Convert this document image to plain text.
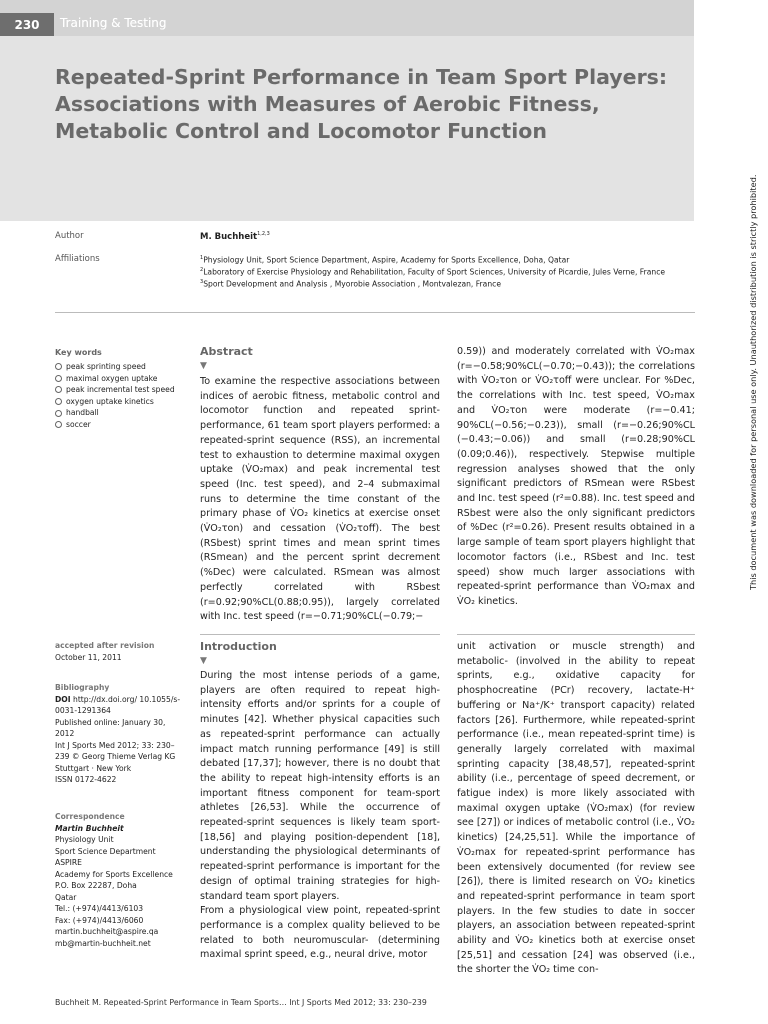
230	Training & Testing
Repeated-Sprint Performance in Team Sport Players: Associations with Measures of Aerobic Fitness, Metabolic Control and Locomotor Function
Author	M. Buchheit$^{1,2,3}$
Affiliations	$^1$Physiology Unit, Sport Science Department, Aspire, Academy for Sports Excellence, Doha, Qatar
$^2$Laboratory of Exercise Physiology and Rehabilitation, Faculty of Sport Sciences, University of Picardie, Jules Verne, France
$^3$Sport Development and Analysis , Myorobie Association , Montvalezan, France
Key words
peak sprinting speed
maximal oxygen uptake
peak incremental test speed
oxygen uptake kinetics
handball
soccer
Abstract
▼
To examine the respective associations between indices of aerobic fitness, metabolic control and locomotor function and repeated sprint-performance, 61 team sport players performed: a repeated-sprint sequence (RSS), an incremental test to exhaustion to determine maximal oxygen uptake (V̇O₂max) and peak incremental test speed (Inc. test speed), and 2–4 submaximal runs to determine the time constant of the primary phase of V̇O₂ kinetics at exercise onset (V̇O₂τon) and cessation (V̇O₂τoff). The best (RSbest) sprint times and mean sprint times (RSmean) and the percent sprint decrement (%Dec) were calculated. RSmean was almost perfectly correlated with RSbest (r=0.92;90%CL(0.88;0.95)), largely correlated with Inc. test speed (r=−0.71;90%CL(−0.79;−
0.59)) and moderately correlated with V̇O₂max (r=−0.58;90%CL(−0.70;−0.43)); the correlations with V̇O₂τon or V̇O₂τoff were unclear. For %Dec, the correlations with Inc. test speed, V̇O₂max and V̇O₂τon were moderate (r=−0.41; 90%CL(−0.56;−0.23)), small (r=−0.26;90%CL (−0.43;−0.06)) and small (r=0.28;90%CL (0.09;0.46)), respectively. Stepwise multiple regression analyses showed that the only significant predictors of RSmean were RSbest and Inc. test speed (r²=0.88). Inc. test speed and RSbest were also the only significant predictors of %Dec (r²=0.26). Present results obtained in a large sample of team sport players highlight that locomotor factors (i.e., RSbest and Inc. test speed) show much larger associations with repeated-sprint performance than V̇O₂max and V̇O₂ kinetics.
accepted after revision
October 11, 2011
Bibliography
DOI http://dx.doi.org/ 10.1055/s-0031-1291364
Published online: January 30, 2012
Int J Sports Med 2012; 33: 230–239 © Georg Thieme Verlag KG Stuttgart · New York
ISSN 0172-4622
Correspondence
Martin Buchheit
Physiology Unit
Sport Science Department
ASPIRE
Academy for Sports Excellence
P.O. Box 22287, Doha
Qatar
Tel.: (+974)/4413/6103
Fax: (+974)/4413/6060
martin.buchheit@aspire.qa
mb@martin-buchheit.net
Introduction
▼

During the most intense periods of a game, players are often required to repeat high-intensity efforts and/or sprints for a couple of minutes [42]. Whether physical capacities such as repeated-sprint performance can actually impact match running performance [49] is still debated [17,37]; however, there is no doubt that the ability to repeat high-intensity efforts is an important fitness component for team-sport athletes [26,53]. While the occurrence of repeated-sprint sequences is likely team sport- [18,56] and playing position-dependent [18], understanding the physiological determinants of repeated-sprint performance is important for the design of optimal training strategies for high-standard team sport players.

From a physiological view point, repeated-sprint performance is a complex quality believed to be related to both neuromuscular- (determining maximal sprint speed, e.g., neural drive, motor

unit activation or muscle strength) and metabolic- (involved in the ability to repeat sprints, e.g., oxidative capacity for phosphocreatine (PCr) recovery, lactate-H⁺ buffering or Na⁺/K⁺ transport capacity) related factors [26]. Furthermore, while repeated-sprint performance (i.e., mean repeated-sprint time) is generally largely correlated with maximal sprinting capacity [38,48,57], repeated-sprint ability (i.e., percentage of speed decrement, or fatigue index) is more likely associated with maximal oxygen uptake (V̇O₂max) (for review see [27]) or indices of metabolic control (i.e., V̇O₂ kinetics) [24,25,51]. While the importance of V̇O₂max for repeated-sprint performance has been extensively documented (for review see [26]), there is limited research on V̇O₂ kinetics and repeated-sprint performance in team sport players. In the few studies to date in soccer players, an association between repeated-sprint ability and V̇O₂ kinetics both at exercise onset [25,51] and cessation [24] was observed (i.e., the shorter the V̇O₂ time con-
Buchheit M. Repeated-Sprint Performance in Team Sports… Int J Sports Med 2012; 33: 230–239
This document was downloaded for personal use only. Unauthorized distribution is strictly prohibited.
